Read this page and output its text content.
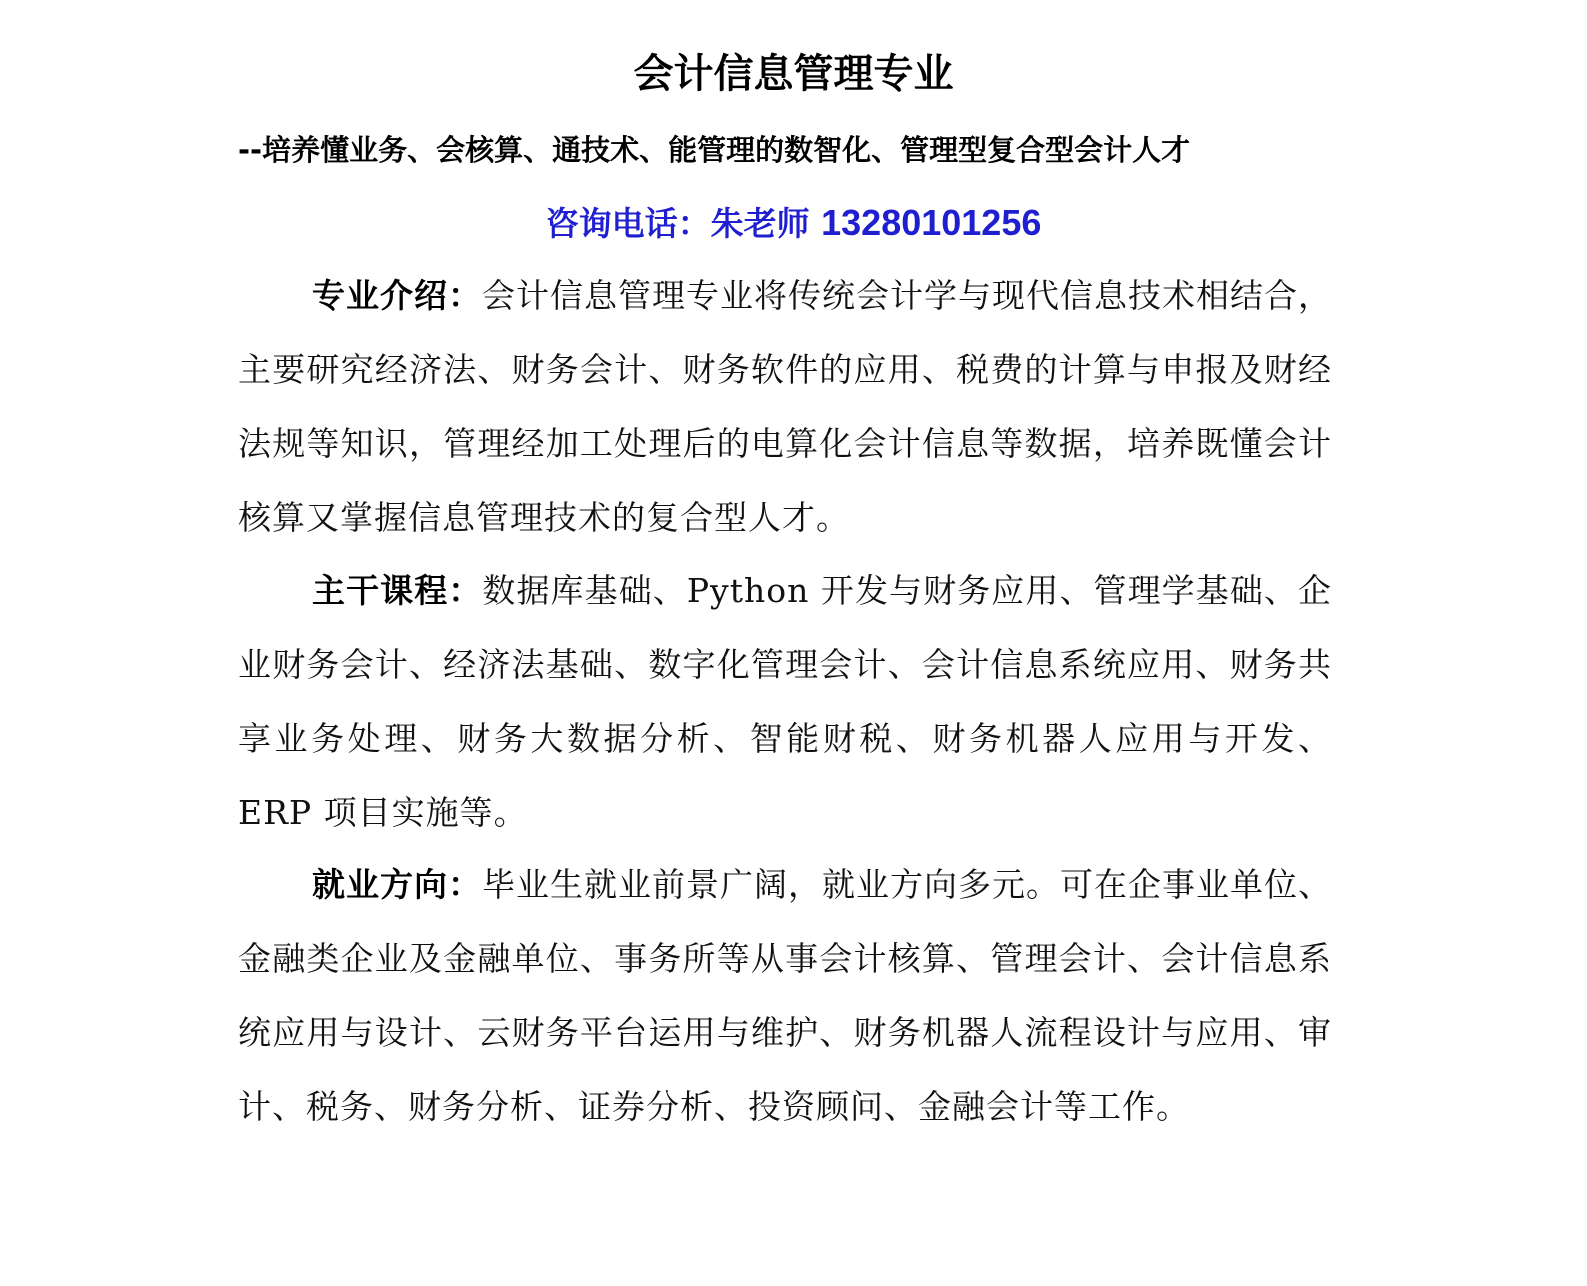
会计信息管理专业
--培养懂业务、会核算、通技术、能管理的数智化、管理型复合型会计人才
咨询电话：朱老师 13280101256
专业介绍：会计信息管理专业将传统会计学与现代信息技术相结合，主要研究经济法、财务会计、财务软件的应用、税费的计算与申报及财经法规等知识，管理经加工处理后的电算化会计信息等数据，培养既懂会计核算又掌握信息管理技术的复合型人才。
主干课程：数据库基础、Python 开发与财务应用、管理学基础、企业财务会计、经济法基础、数字化管理会计、会计信息系统应用、财务共享业务处理、财务大数据分析、智能财税、财务机器人应用与开发、ERP 项目实施等。
就业方向：毕业生就业前景广阔，就业方向多元。可在企事业单位、金融类企业及金融单位、事务所等从事会计核算、管理会计、会计信息系统应用与设计、云财务平台运用与维护、财务机器人流程设计与应用、审计、税务、财务分析、证券分析、投资顾问、金融会计等工作。
